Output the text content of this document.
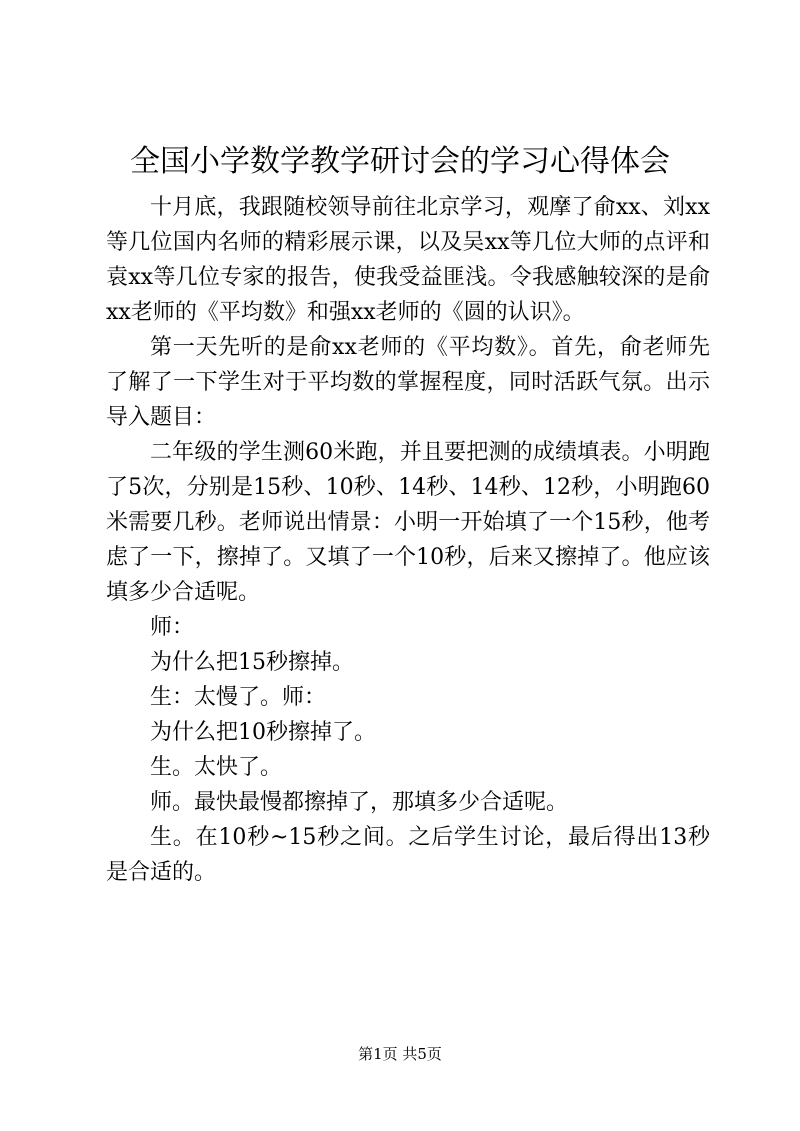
全国小学数学教学研讨会的学习心得体会

十月底，我跟随校领导前往北京学习，观摩了俞xx、刘xx等几位国内名师的精彩展示课，以及吴xx等几位大师的点评和袁xx等几位专家的报告，使我受益匪浅。令我感触较深的是俞xx老师的《平均数》和强xx老师的《圆的认识》。

第一天先听的是俞xx老师的《平均数》。首先，俞老师先了解了一下学生对于平均数的掌握程度，同时活跃气氛。出示导入题目：

二年级的学生测60米跑，并且要把测的成绩填表。小明跑了5次，分别是15秒、10秒、14秒、14秒、12秒，小明跑60米需要几秒。老师说出情景：小明一开始填了一个15秒，他考虑了一下，擦掉了。又填了一个10秒，后来又擦掉了。他应该填多少合适呢。

师：

为什么把15秒擦掉。

生：太慢了。师：

为什么把10秒擦掉了。

生。太快了。

师。最快最慢都擦掉了，那填多少合适呢。

生。在10秒~15秒之间。之后学生讨论，最后得出13秒是合适的。

第1页 共5页
